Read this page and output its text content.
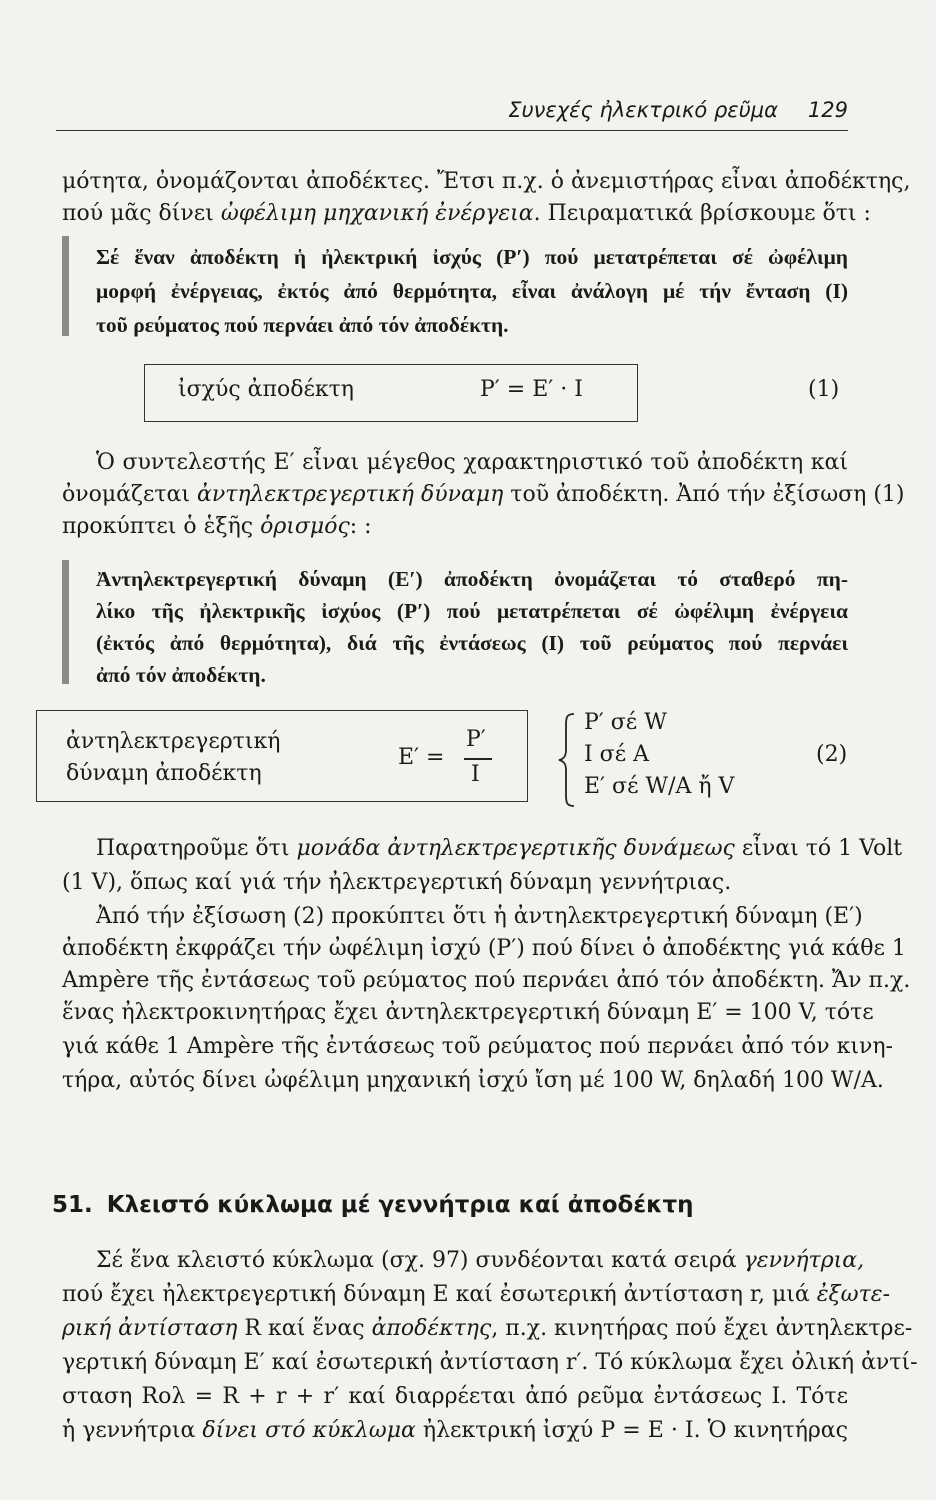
Συνεχές ἠλεκτρικό ρεῦμα 129
μότητα, ὀνομάζονται ἀποδέκτες. Ἔτσι π.χ. ὁ ἀνεμιστήρας εἶναι ἀποδέκτης,
πού μᾶς δίνει ὠφέλιμη μηχανική ἐνέργεια. Πειραματικά βρίσκουμε ὅτι :
Σέ ἕναν ἀποδέκτη ἡ ἠλεκτρική ἰσχύς (P′) πού μετατρέπεται σέ ὠφέλιμη
μορφή ἐνέργειας, ἐκτός ἀπό θερμότητα, εἶναι ἀνάλογη μέ τήν ἔνταση (I)
τοῦ ρεύματος πού περνάει ἀπό τόν ἀποδέκτη.
ἰσχύς ἀποδέκτη	P′ = E′ · I	(1)
Ὁ συντελεστής E′ εἶναι μέγεθος χαρακτηριστικό τοῦ ἀποδέκτη καί
ὀνομάζεται ἀντηλεκτρεγερτική δύναμη τοῦ ἀποδέκτη. Ἀπό τήν ἐξίσωση (1)
προκύπτει ὁ ἑξῆς ὁρισμός: :
Ἀντηλεκτρεγερτική δύναμη (E′) ἀποδέκτη ὀνομάζεται τό σταθερό πη-
λίκο τῆς ἠλεκτρικῆς ἰσχύος (P′) πού μετατρέπεται σέ ὠφέλιμη ἐνέργεια
(ἐκτός ἀπό θερμότητα), διά τῆς ἐντάσεως (I) τοῦ ρεύματος πού περνάει
ἀπό τόν ἀποδέκτη.
ἀντηλεκτρεγερτική
δύναμη ἀποδέκτη
E′ =
P′
I
P′ σέ W
I σέ A
E′ σέ W/A ἤ V
(2)
Παρατηροῦμε ὅτι μονάδα ἀντηλεκτρεγερτικῆς δυνάμεως εἶναι τό 1 Volt
(1 V), ὅπως καί γιά τήν ἠλεκτρεγερτική δύναμη γεννήτριας.
Ἀπό τήν ἐξίσωση (2) προκύπτει ὅτι ἡ ἀντηλεκτρεγερτική δύναμη (E′)
ἀποδέκτη ἐκφράζει τήν ὠφέλιμη ἰσχύ (P′) πού δίνει ὁ ἀποδέκτης γιά κάθε 1
Ampère τῆς ἐντάσεως τοῦ ρεύματος πού περνάει ἀπό τόν ἀποδέκτη. Ἄν π.χ.
ἕνας ἠλεκτροκινητήρας ἔχει ἀντηλεκτρεγερτική δύναμη E′ = 100 V, τότε
γιά κάθε 1 Ampère τῆς ἐντάσεως τοῦ ρεύματος πού περνάει ἀπό τόν κινη-
τήρα, αὐτός δίνει ὠφέλιμη μηχανική ἰσχύ ἴση μέ 100 W, δηλαδή 100 W/A.
51. Κλειστό κύκλωμα μέ γεννήτρια καί ἀποδέκτη
Σέ ἕνα κλειστό κύκλωμα (σχ. 97) συνδέονται κατά σειρά γεννήτρια,
πού ἔχει ἠλεκτρεγερτική δύναμη E καί ἐσωτερική ἀντίσταση r, μιά ἐξωτε-
ρική ἀντίσταση R καί ἕνας ἀποδέκτης, π.χ. κινητήρας πού ἔχει ἀντηλεκτρε-
γερτική δύναμη E′ καί ἐσωτερική ἀντίσταση r′. Τό κύκλωμα ἔχει ὀλική ἀντί-
σταση Rολ = R + r + r′ καί διαρρέεται ἀπό ρεῦμα ἐντάσεως I. Τότε
ἡ γεννήτρια δίνει στό κύκλωμα ἠλεκτρική ἰσχύ P = E · I. Ὁ κινητήρας
